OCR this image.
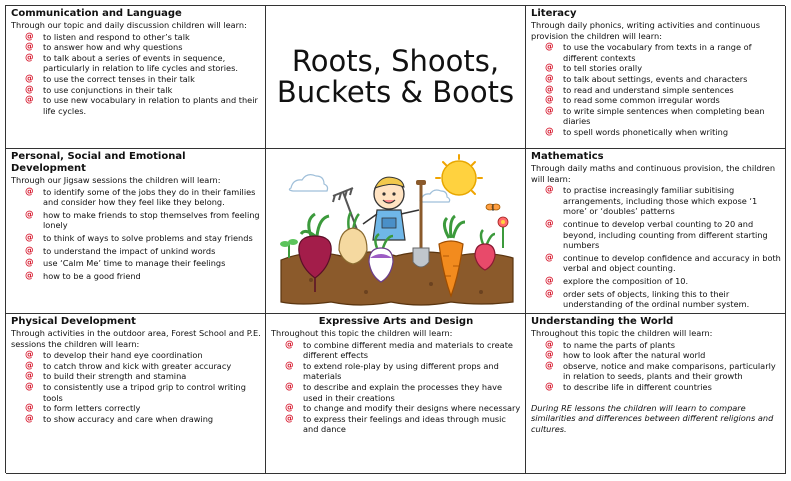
Communication and Language
Through our topic and daily discussion children will learn:
@ to listen and respond to other’s talk
@ to answer how and why questions
@ to talk about a series of events in sequence, particularly in relation to life cycles and stories.
@ to use the correct tenses in their talk
@ to use conjunctions in their talk
@ to use new vocabulary in relation to plants and their life cycles.
Roots, Shoots,
Buckets & Boots
Literacy
Through daily phonics, writing activities and continuous provision the children will learn:
@ to use the vocabulary from texts in a range of different contexts
@ to tell stories orally
@ to talk about settings, events and characters
@ to read and understand simple sentences
@ to read some common irregular words
@ to write simple sentences when completing bean diaries
@ to spell words phonetically when writing
Personal, Social and Emotional Development
Through our Jigsaw sessions the children will learn:
@ to identify some of the jobs they do in their families and consider how they feel like they belong.
@ how to make friends to stop themselves from feeling lonely
@ to think of ways to solve problems and stay friends
@ to understand the impact of unkind words
@ use ‘Calm Me’ time to manage their feelings
@ how to be a good friend
Mathematics
Through daily maths and continuous provision, the children will learn:
@ to practise increasingly familiar subitising arrangements, including those which expose ‘1 more’ or ‘doubles’ patterns
@ continue to develop verbal counting to 20 and beyond, including counting from different starting numbers
@ continue to develop confidence and accuracy in both verbal and object counting.
@ explore the composition of 10.
@ order sets of objects, linking this to their understanding of the ordinal number system.
Physical Development
Through activities in the outdoor area, Forest School and P.E. sessions the children will learn:
@ to develop their hand eye coordination
@ to catch throw and kick with greater accuracy
@ to build their strength and stamina
@ to consistently use a tripod grip to control writing tools
@ to form letters correctly
@ to show accuracy and care when drawing
Expressive Arts and Design
Throughout this topic the children will learn:
@ to combine different media and materials to create different effects
@ to extend role-play by using different props and materials
@ to describe and explain the processes they have used in their creations
@ to change and modify their designs where necessary
@ to express their feelings and ideas through music and dance
Understanding the World
Throughout this topic the children will learn:
@ to name the parts of plants
@ how to look after the natural world
@ observe, notice and make comparisons, particularly in relation to seeds, plants and their growth
@ to describe life in different countries
During RE lessons the children will learn to compare similarities and differences between different religions and cultures.
